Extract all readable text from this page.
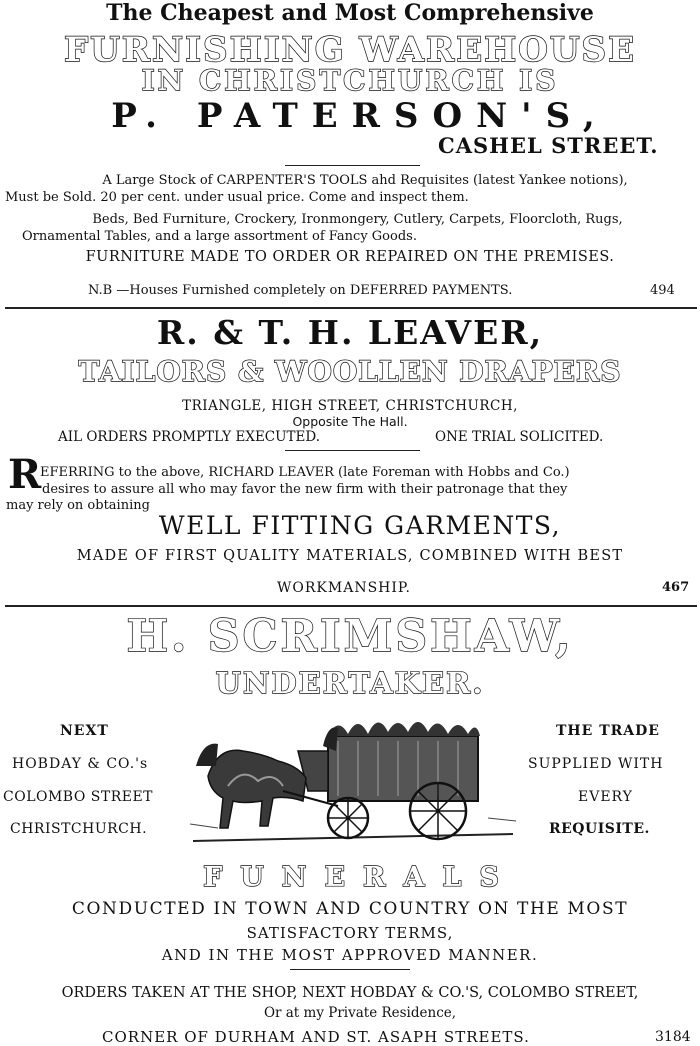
The Cheapest and Most Comprehensive
FURNISHING WAREHOUSE
IN CHRISTCHURCH IS
P. PATERSON'S,
CASHEL STREET.
A Large Stock of CARPENTER'S TOOLS ahd Requisites (latest Yankee notions),
Must be Sold. 20 per cent. under usual price. Come and inspect them.
Beds, Bed Furniture, Crockery, Ironmongery, Cutlery, Carpets, Floorcloth, Rugs,
Ornamental Tables, and a large assortment of Fancy Goods.
FURNITURE MADE TO ORDER OR REPAIRED ON THE PREMISES.
N.B —Houses Furnished completely on DEFERRED PAYMENTS.	494
R. & T. H. LEAVER,
TAILORS & WOOLLEN DRAPERS
TRIANGLE, HIGH STREET, CHRISTCHURCH,
Opposite The Hall.
AIL ORDERS PROMPTLY EXECUTED.	ONE TRIAL SOLICITED.
R
EFERRING to the above, RICHARD LEAVER (late Foreman with Hobbs and Co.)
desires to assure all who may favor the new firm with their patronage that they
may rely on obtaining
WELL FITTING GARMENTS,
MADE OF FIRST QUALITY MATERIALS, COMBINED WITH BEST
WORKMANSHIP.	467
H. SCRIMSHAW,
UNDERTAKER.
NEXT
HOBDAY & CO.'s
COLOMBO STREET
CHRISTCHURCH.
THE TRADE
SUPPLIED WITH
EVERY
REQUISITE.
FUNERALS
CONDUCTED IN TOWN AND COUNTRY ON THE MOST
SATISFACTORY TERMS,
AND IN THE MOST APPROVED MANNER.
ORDERS TAKEN AT THE SHOP, NEXT HOBDAY & CO.'S, COLOMBO STREET,
Or at my Private Residence,
CORNER OF DURHAM AND ST. ASAPH STREETS.	3184
